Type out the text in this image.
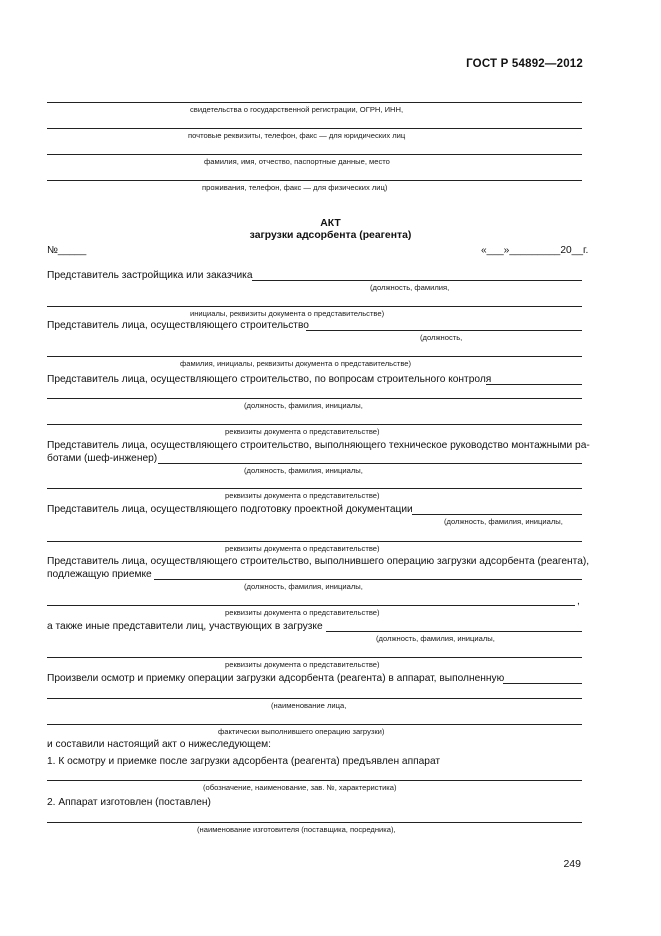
ГОСТ Р 54892—2012
свидетельства о государственной регистрации, ОГРН, ИНН,
почтовые реквизиты, телефон, факс — для юридических лиц
фамилия, имя, отчество, паспортные данные, место
проживания, телефон, факс — для физических лиц)
АКТ
загрузки адсорбента (реагента)
№_____	«___»_________20__г.
Представитель застройщика или заказчика
(должность, фамилия,
инициалы, реквизиты документа о представительстве)
Представитель лица, осуществляющего строительство
(должность,
фамилия, инициалы, реквизиты документа о представительстве)
Представитель лица, осуществляющего строительство, по вопросам строительного контроля
(должность, фамилия, инициалы,
реквизиты документа о представительстве)
Представитель лица, осуществляющего строительство, выполняющего техническое руководство монтажными ра-
ботами (шеф-инженер)
(должность, фамилия, инициалы,
реквизиты документа о представительстве)
Представитель лица, осуществляющего подготовку проектной документации
(должность, фамилия, инициалы,
реквизиты документа о представительстве)
Представитель лица, осуществляющего строительство, выполнившего операцию загрузки адсорбента (реагента),
подлежащую приемке
(должность, фамилия, инициалы,
,
реквизиты документа о представительстве)
а также иные представители лиц, участвующих в загрузке
(должность, фамилия, инициалы,
реквизиты документа о представительстве)
Произвели осмотр и приемку операции загрузки адсорбента (реагента) в аппарат, выполненную
(наименование лица,
фактически выполнившего операцию загрузки)
и составили настоящий акт о нижеследующем:
1. К осмотру и приемке после загрузки адсорбента (реагента) предъявлен аппарат
(обозначение, наименование, зав. №, характеристика)
2. Аппарат изготовлен (поставлен)
(наименование изготовителя (поставщика, посредника),
249
